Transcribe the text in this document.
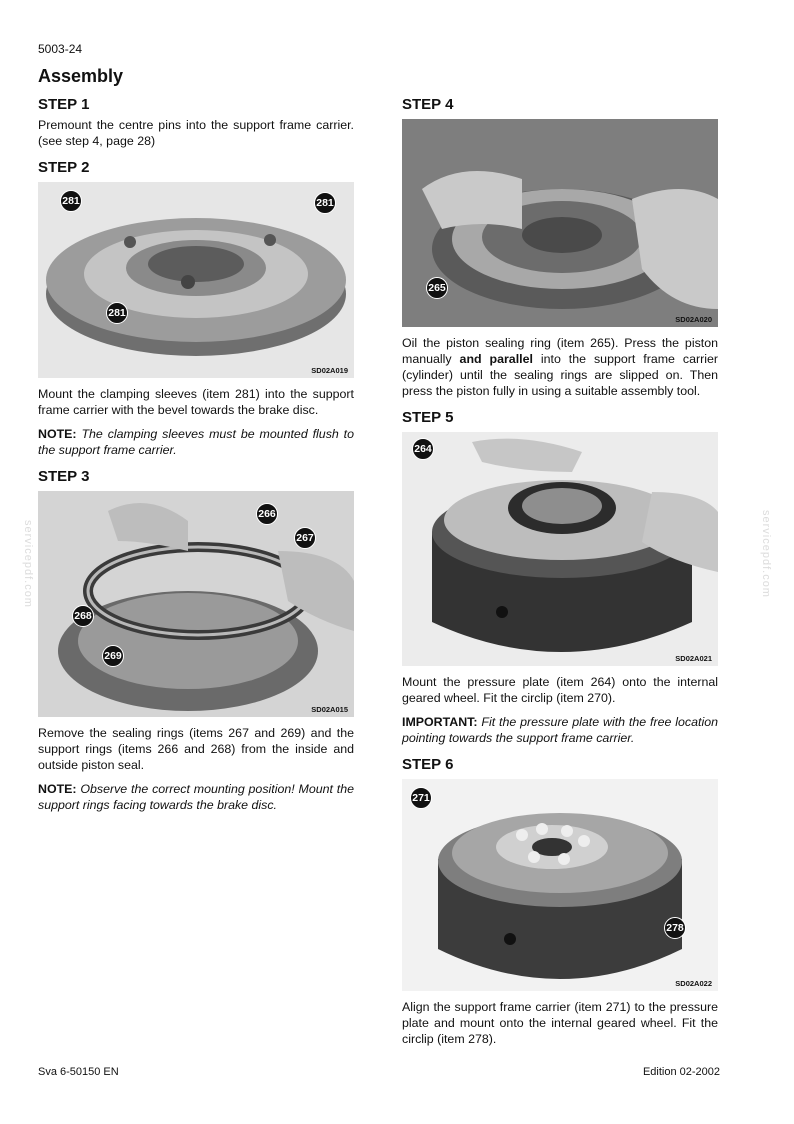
5003-24
Assembly
servicepdf.com	servicepdf.com
STEP 1
Premount the centre pins into the support frame carrier. (see step 4, page 28)
STEP 2
281	281
281
SD02A019
Mount the clamping sleeves (item 281) into the support frame carrier with the bevel towards the brake disc.
NOTE: The clamping sleeves must be mounted flush to the support frame carrier.
STEP 3
266
267
268
269
SD02A015
Remove the sealing rings (items 267 and 269) and the support rings (items 266 and 268) from the inside and outside piston seal.
NOTE: Observe the correct mounting position! Mount the support rings facing towards the brake disc.
STEP 4
265
SD02A020
Oil the piston sealing ring (item 265). Press the piston manually and parallel into the support frame carrier (cylinder) until the sealing rings are slipped on. Then press the piston fully in using a suitable assembly tool.
STEP 5
264
SD02A021
Mount the pressure plate (item 264) onto the internal geared wheel. Fit the circlip (item 270).
IMPORTANT: Fit the pressure plate with the free location pointing towards the support frame carrier.
STEP 6
271
278
SD02A022
Align the support frame carrier (item 271) to the pressure plate and mount onto the internal geared wheel. Fit the circlip (item 278).
Sva 6-50150 EN	Edition 02-2002
